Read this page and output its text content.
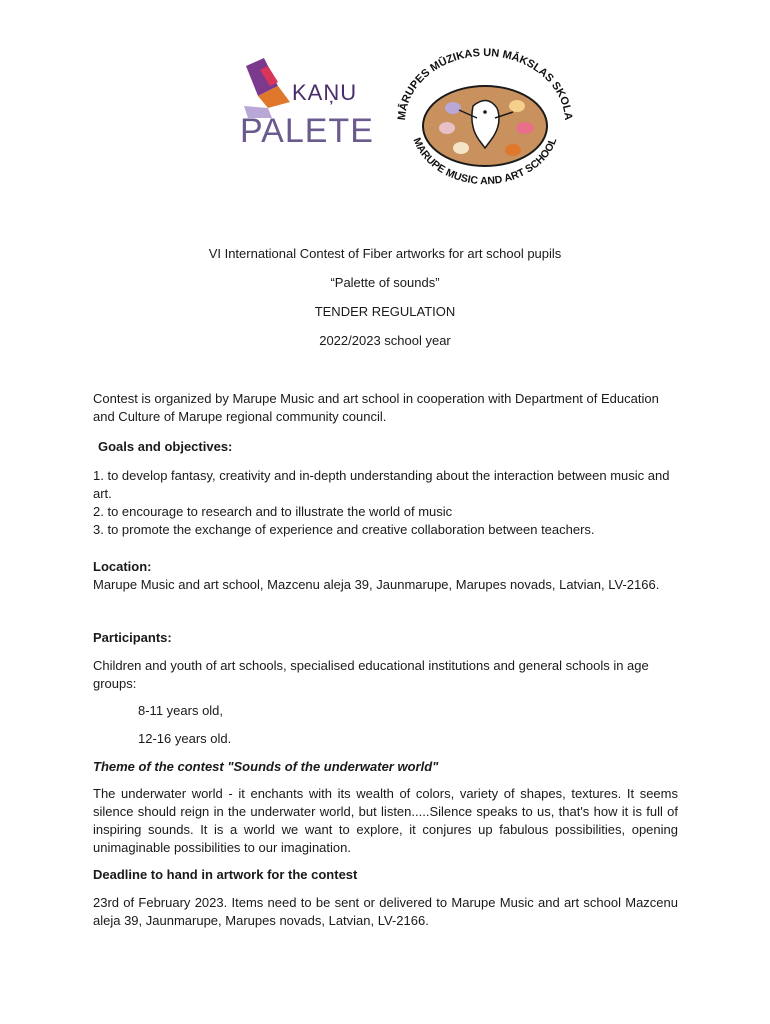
KAŅU
PALETE MĀRUPES MŪZIKAS UN MĀKSLAS SKOLA
MARUPE MUSIC AND ART SCHOOL
VI International Contest of Fiber artworks for art school pupils
“Palette of sounds”
TENDER REGULATION
2022/2023 school year
Contest is organized by Marupe Music and art school in cooperation with Department of Education and Culture of Marupe regional community council.
Goals and objectives:
1. to develop fantasy, creativity and in-depth understanding about the interaction between music and art.
2. to encourage to research and to illustrate the world of music
3. to promote the exchange of experience and creative collaboration between teachers.
Location:
Marupe Music and art school, Mazcenu aleja 39, Jaunmarupe, Marupes novads, Latvian, LV-2166.
Participants:
Children and youth of art schools, specialised educational institutions and general schools in age groups:
8-11 years old,
12-16 years old.
Theme of the contest "Sounds of the underwater world"
The underwater world - it enchants with its wealth of colors, variety of shapes, textures. It seems silence should reign in the underwater world, but listen.....Silence speaks to us, that's how it is full of inspiring sounds. It is a world we want to explore, it conjures up fabulous possibilities, opening unimaginable possibilities to our imagination.
Deadline to hand in artwork for the contest
23rd of February 2023. Items need to be sent or delivered to Marupe Music and art school Mazcenu aleja 39, Jaunmarupe, Marupes novads, Latvian, LV-2166.
